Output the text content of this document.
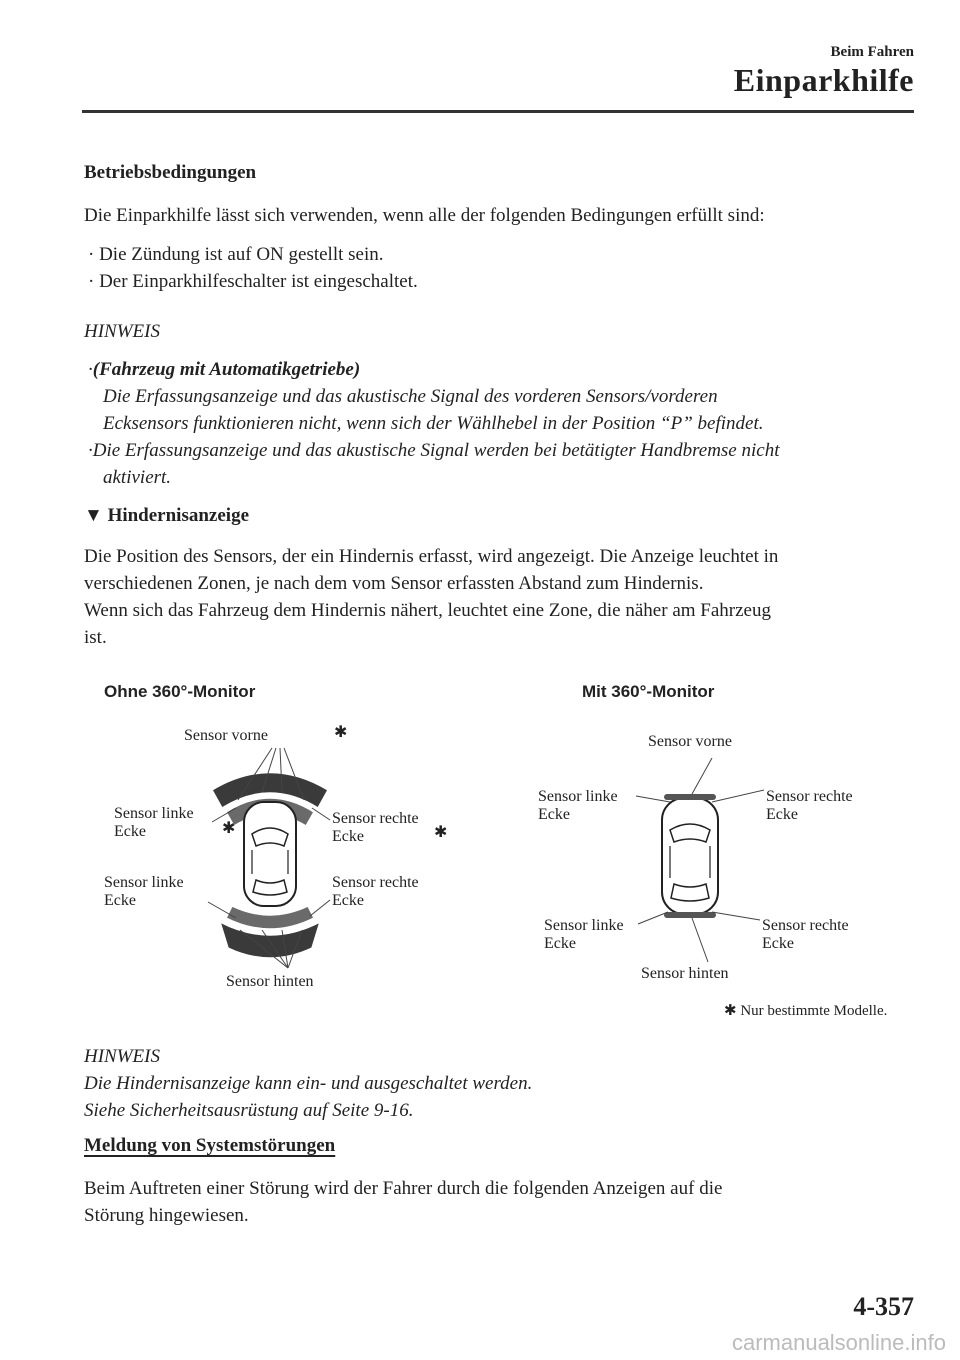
Beim Fahren
Einparkhilfe
Betriebsbedingungen
Die Einparkhilfe lässt sich verwenden, wenn alle der folgenden Bedingungen erfüllt sind:
· Die Zündung ist auf ON gestellt sein.
· Der Einparkhilfeschalter ist eingeschaltet.
HINWEIS
·(Fahrzeug mit Automatikgetriebe)
Die Erfassungsanzeige und das akustische Signal des vorderen Sensors/vorderen
Ecksensors funktionieren nicht, wenn sich der Wählhebel in der Position “P” befindet.
·Die Erfassungsanzeige und das akustische Signal werden bei betätigter Handbremse nicht
aktiviert.
▼ Hindernisanzeige
Die Position des Sensors, der ein Hindernis erfasst, wird angezeigt. Die Anzeige leuchtet in
verschiedenen Zonen, je nach dem vom Sensor erfassten Abstand zum Hindernis.
Wenn sich das Fahrzeug dem Hindernis nähert, leuchtet eine Zone, die näher am Fahrzeug
ist.
Ohne 360°-Monitor	Mit 360°-Monitor
Sensor vorne	✱
Sensor linke
Ecke	✱
Sensor rechte
Ecke	✱
Sensor linke
Ecke
Sensor rechte
Ecke
Sensor hinten
Sensor vorne
Sensor linke
Ecke
Sensor rechte
Ecke
Sensor linke
Ecke
Sensor rechte
Ecke
Sensor hinten
✱ Nur bestimmte Modelle.
HINWEIS
Die Hindernisanzeige kann ein- und ausgeschaltet werden.
Siehe Sicherheitsausrüstung auf Seite 9-16.
Meldung von Systemstörungen
Beim Auftreten einer Störung wird der Fahrer durch die folgenden Anzeigen auf die
Störung hingewiesen.
4-357
carmanualsonline.info
